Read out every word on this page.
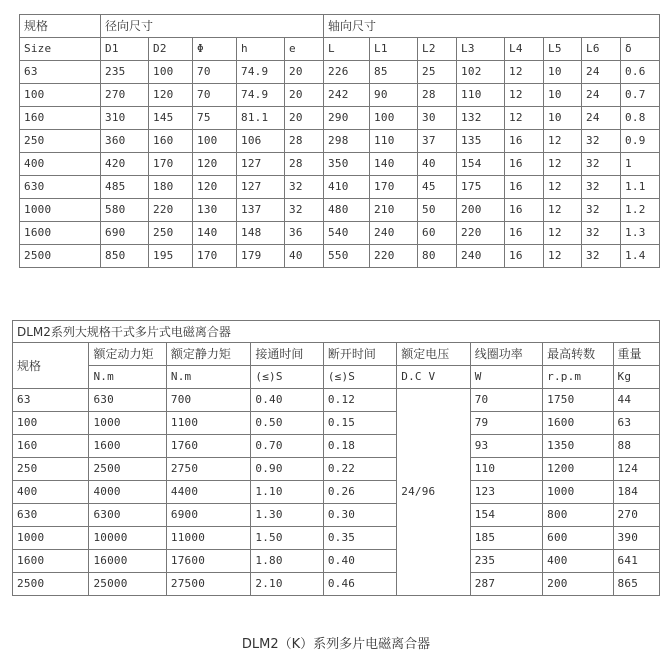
规格	径向尺寸					轴向尺寸							
Size	D1	D2	Φ	h	e	L	L1	L2	L3	L4	L5	L6	δ
63	235	100	70	74.9	20	226	85	25	102	12	10	24	0.6
100	270	120	70	74.9	20	242	90	28	110	12	10	24	0.7
160	310	145	75	81.1	20	290	100	30	132	12	10	24	0.8
250	360	160	100	106	28	298	110	37	135	16	12	32	0.9
400	420	170	120	127	28	350	140	40	154	16	12	32	1
630	485	180	120	127	32	410	170	45	175	16	12	32	1.1
1000	580	220	130	137	32	480	210	50	200	16	12	32	1.2
1600	690	250	140	148	36	540	240	60	220	16	12	32	1.3
2500	850	195	170	179	40	550	220	80	240	16	12	32	1.4
DLM2系列大规格干式多片式电磁离合器								
规格	额定动力矩	额定静力矩	接通时间	断开时间	额定电压	线圈功率	最高转数	重量
	N.m	N.m	(≤)S	(≤)S	D.C V	W	r.p.m	Kg
63	630	700	0.40	0.12	24/96	70	1750	44
100	1000	1100	0.50	0.15		79	1600	63
160	1600	1760	0.70	0.18		93	1350	88
250	2500	2750	0.90	0.22		110	1200	124
400	4000	4400	1.10	0.26		123	1000	184
630	6300	6900	1.30	0.30		154	800	270
1000	10000	11000	1.50	0.35		185	600	390
1600	16000	17600	1.80	0.40		235	400	641
2500	25000	27500	2.10	0.46		287	200	865
DLM2（K）系列多片电磁离合器
